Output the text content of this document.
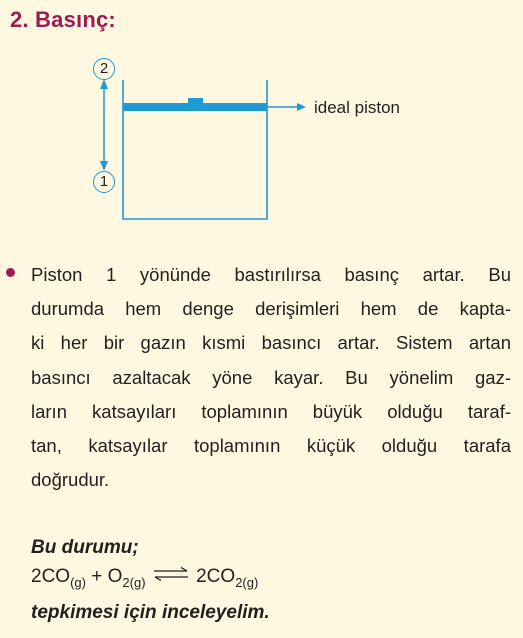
2. Basınç:
2
1
ideal piston
Piston 1 yönünde bastırılırsa basınç artar. Bu
durumda hem denge derişimleri hem de kapta-
ki her bir gazın kısmi basıncı artar. Sistem artan
basıncı azaltacak yöne kayar. Bu yönelim gaz-
ların katsayıları toplamının büyük olduğu taraf-
tan, katsayılar toplamının küçük olduğu tarafa
doğrudur.
Bu durumu;
$2CO_{(g)} + O_{2(g)}$ ⇌ $2CO_{2(g)}$
tepkimesi için inceleyelim.
